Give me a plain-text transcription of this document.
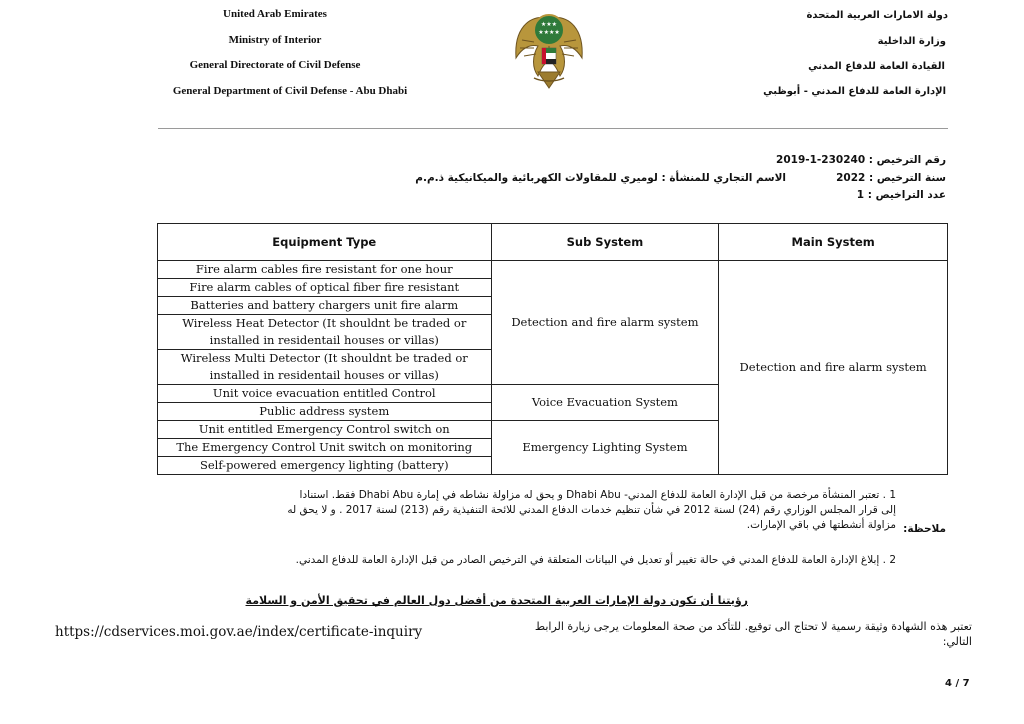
United Arab Emirates
Ministry of Interior
General Directorate of Civil Defense
General Department of Civil Defense - Abu Dhabi
★★★
★★★★
دولة الامارات العربية المتحدة
وزارة الداخلية
القيادة العامة للدفاع المدني
الإدارة العامة للدفاع المدني - أبوظبي
رقم الترخيص : 2019-1-230240
سنة الترخيص : 2022
الاسم التجاري للمنشأة : لوميري للمقاولات الكهربائية والميكانيكية ذ.م.م
عدد التراخيص : 1
Equipment Type	Sub System	Main System
Fire alarm cables fire resistant for one hour	Detection and fire alarm system	Detection and fire alarm system
Fire alarm cables of optical fiber fire resistant		
Batteries and battery chargers unit fire alarm		
Wireless Heat Detector (It shouldnt be traded or installed in residentail houses or villas)		
Wireless Multi Detector (It shouldnt be traded or installed in residentail houses or villas)		
Unit voice evacuation entitled Control	Voice Evacuation System	
Public address system		
Unit entitled Emergency Control switch on	Emergency Lighting System	
The Emergency Control Unit switch on monitoring		
Self-powered emergency lighting (battery)		
ملاحظة:
1 . تعتبر المنشأة مرخصة من قبل الإدارة العامة للدفاع المدني- Dhabi Abu و يحق له مزاولة نشاطه في إمارة Dhabi Abu فقط. استنادا
إلى قرار المجلس الوزاري رقم (24) لسنة 2012 في شأن تنظيم خدمات الدفاع المدني للائحة التنفيذية رقم (213) لسنة 2017 . و لا يحق له
مزاولة أنشطتها في باقي الإمارات.
2 . إبلاغ الإدارة العامة للدفاع المدني في حالة تغيير أو تعديل في البيانات المتعلقة في الترخيص الصادر من قبل الإدارة العامة للدفاع المدني.
رؤيتنا أن تكون دولة الإمارات العربية المتحدة من أفضل دول العالم في تحقيق الأمن و السلامة
https://cdservices.moi.gov.ae/index/certificate-inquiry	تعتبر هذه الشهادة وثيقة رسمية لا تحتاج الى توقيع. للتأكد من صحة المعلومات يرجى زيارة الرابط
التالي:
4 / 7
